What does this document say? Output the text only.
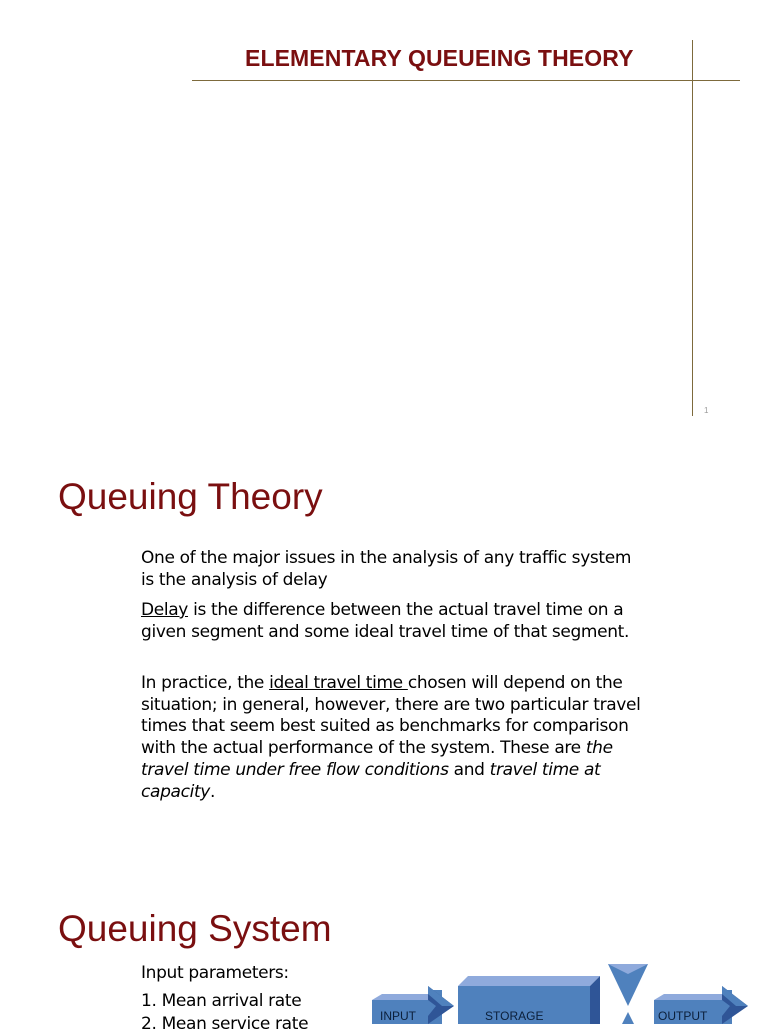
ELEMENTARY QUEUEING THEORY
1
Queuing Theory
One of the major issues in the analysis of any traffic system is the analysis of delay
Delay is the difference between the actual travel time on a given segment and some ideal travel time of that segment.
In practice, the ideal travel time chosen will depend on the situation; in general, however, there are two particular travel times that seem best suited as benchmarks for comparison with the actual performance of the system. These are the travel time under free flow conditions and travel time at capacity.
Queuing System
Input parameters:
1. Mean arrival rate
2. Mean service rate	INPUT	STORAGE	OUTPUT
